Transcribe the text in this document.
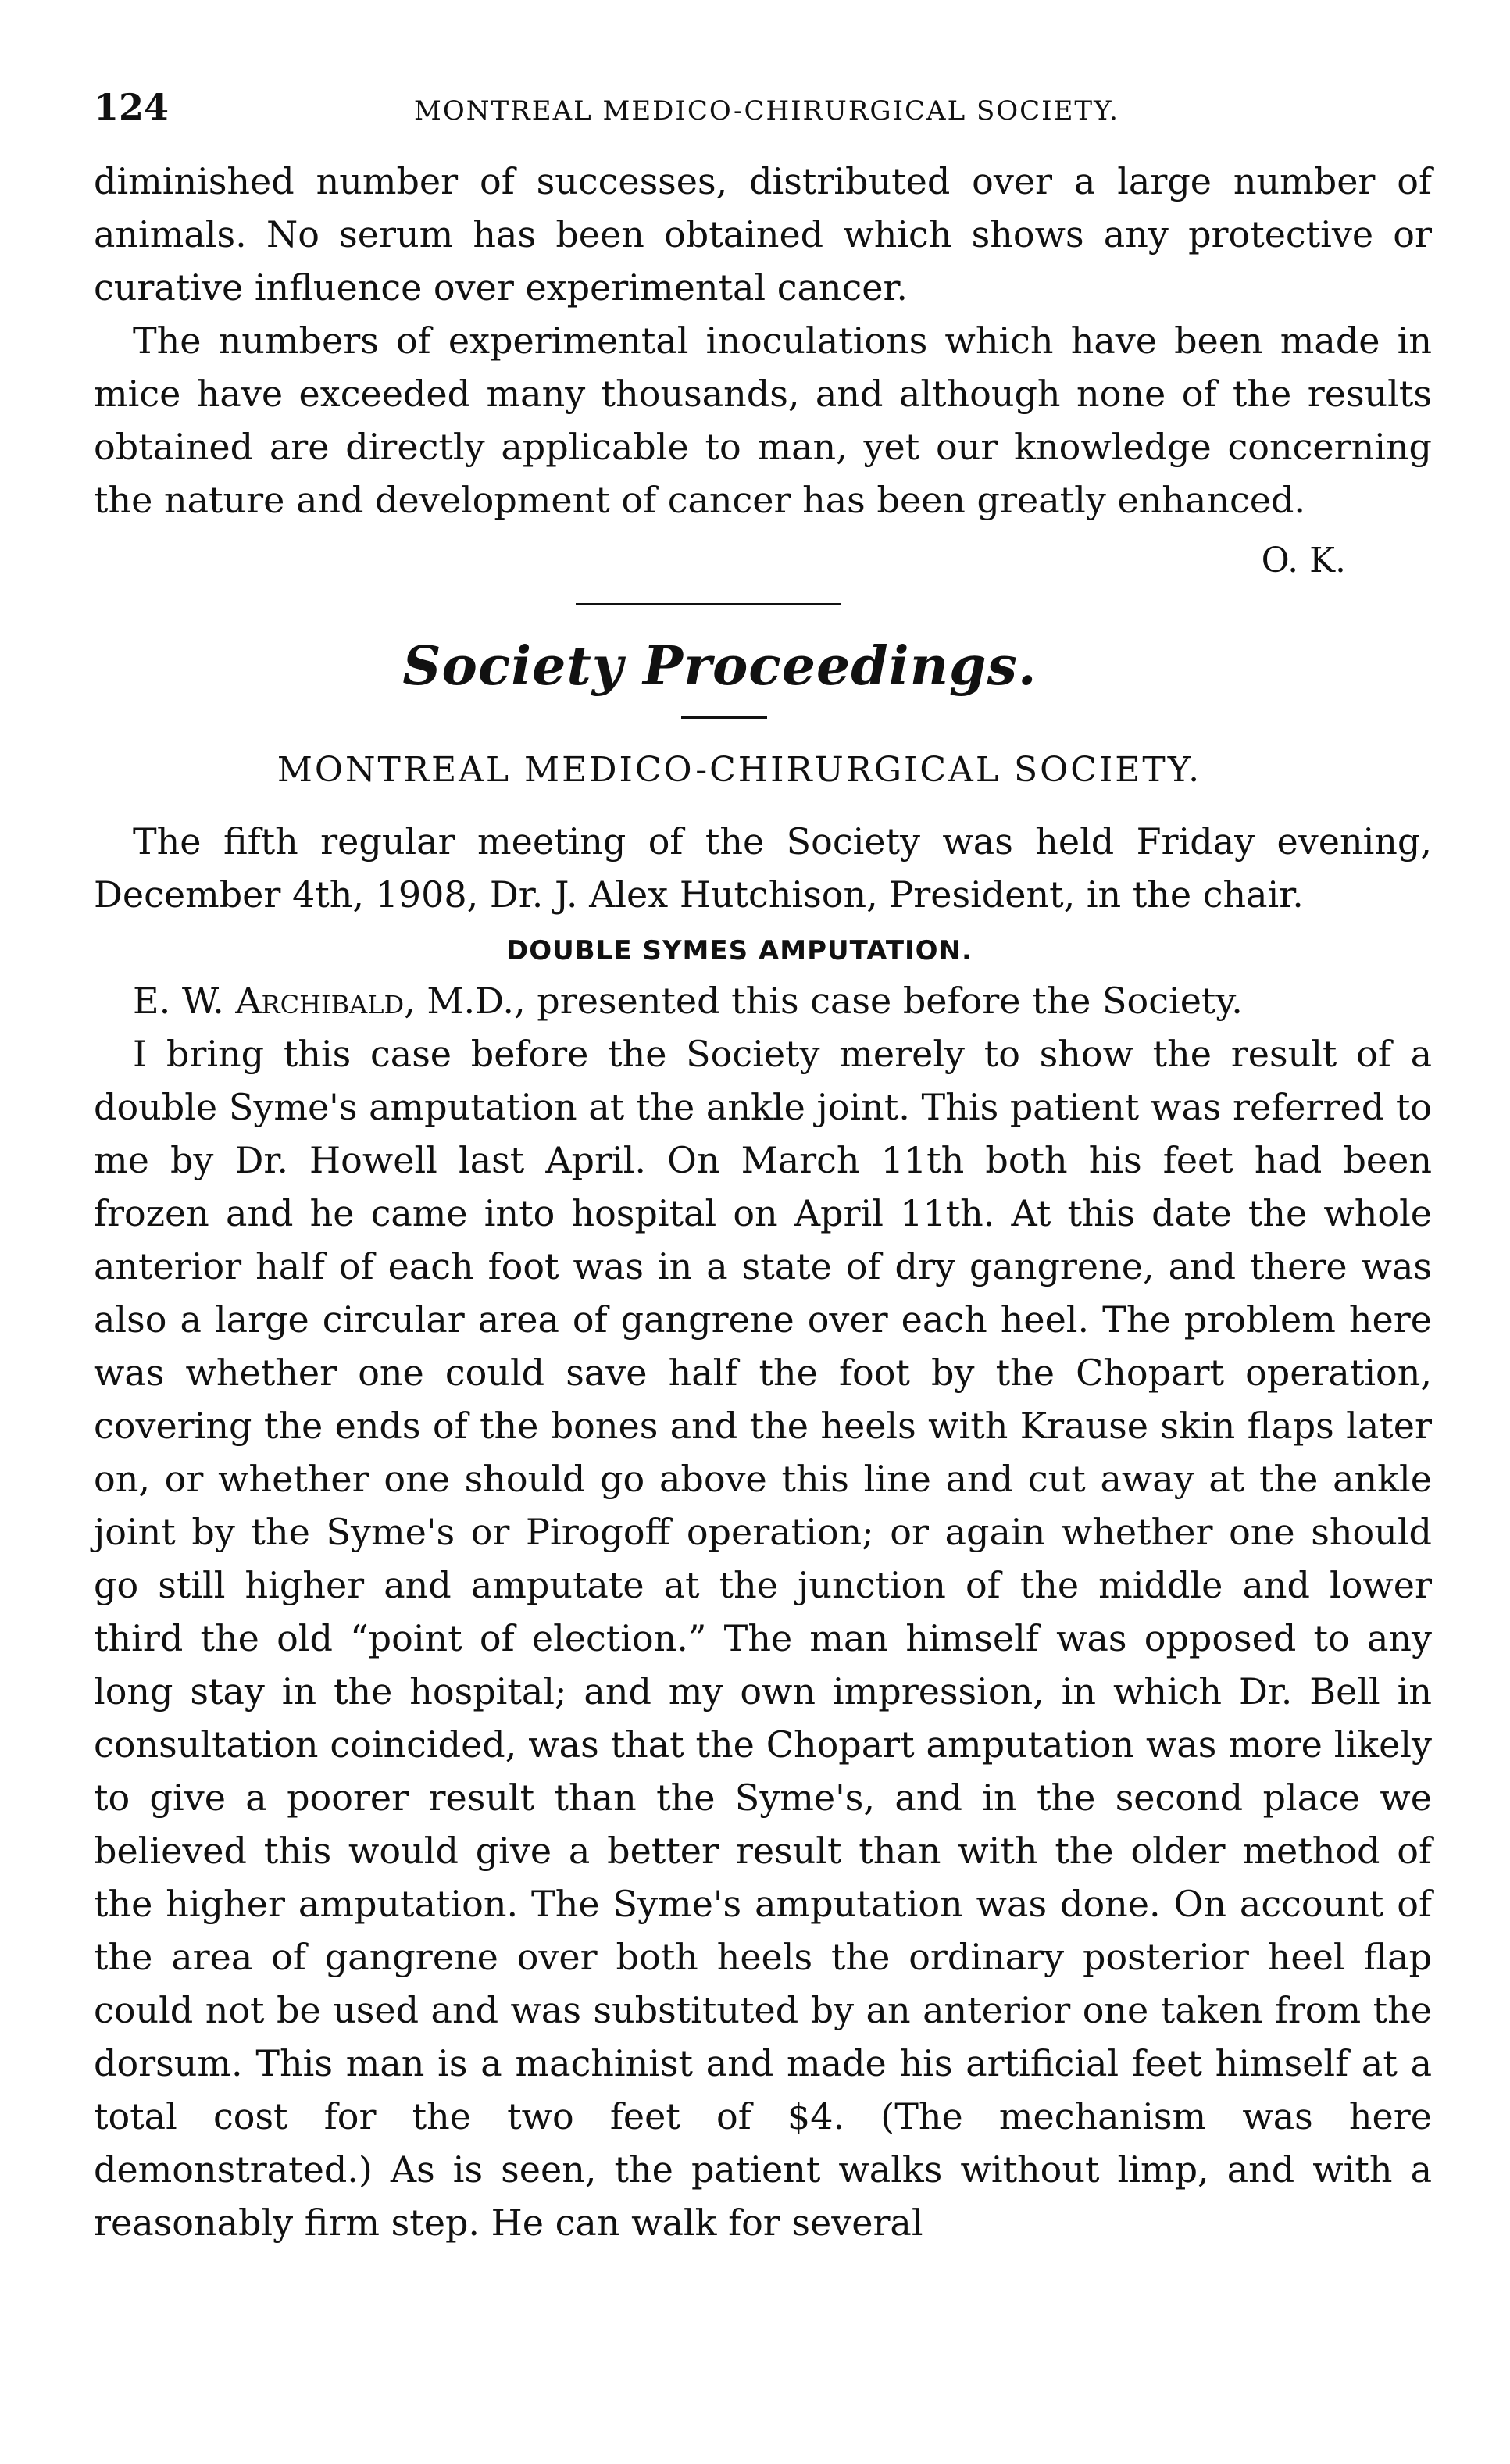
124	MONTREAL MEDICO-CHIRURGICAL SOCIETY.

diminished number of successes, distributed over a large number of animals. No serum has been obtained which shows any protective or curative influence over experimental cancer.

The numbers of experimental inoculations which have been made in mice have exceeded many thousands, and although none of the results obtained are directly applicable to man, yet our knowledge concerning the nature and development of cancer has been greatly enhanced.

O. K.
Society Proceedings.
MONTREAL MEDICO-CHIRURGICAL SOCIETY.

The fifth regular meeting of the Society was held Friday evening, December 4th, 1908, Dr. J. Alex Hutchison, President, in the chair.

DOUBLE SYMES AMPUTATION.

E. W. Archibald, M.D., presented this case before the Society.

I bring this case before the Society merely to show the result of a double Syme's amputation at the ankle joint. This patient was referred to me by Dr. Howell last April. On March 11th both his feet had been frozen and he came into hospital on April 11th. At this date the whole anterior half of each foot was in a state of dry gangrene, and there was also a large circular area of gangrene over each heel. The problem here was whether one could save half the foot by the Chopart operation, covering the ends of the bones and the heels with Krause skin flaps later on, or whether one should go above this line and cut away at the ankle joint by the Syme's or Pirogoff operation; or again whether one should go still higher and amputate at the junction of the middle and lower third the old “point of election.” The man himself was opposed to any long stay in the hospital; and my own impression, in which Dr. Bell in consultation coincided, was that the Chopart amputation was more likely to give a poorer result than the Syme's, and in the second place we believed this would give a better result than with the older method of the higher amputation. The Syme's amputation was done. On account of the area of gangrene over both heels the ordinary posterior heel flap could not be used and was substituted by an anterior one taken from the dorsum. This man is a machinist and made his artificial feet himself at a total cost for the two feet of $4. (The mechanism was here demonstrated.) As is seen, the patient walks without limp, and with a reasonably firm step. He can walk for several
